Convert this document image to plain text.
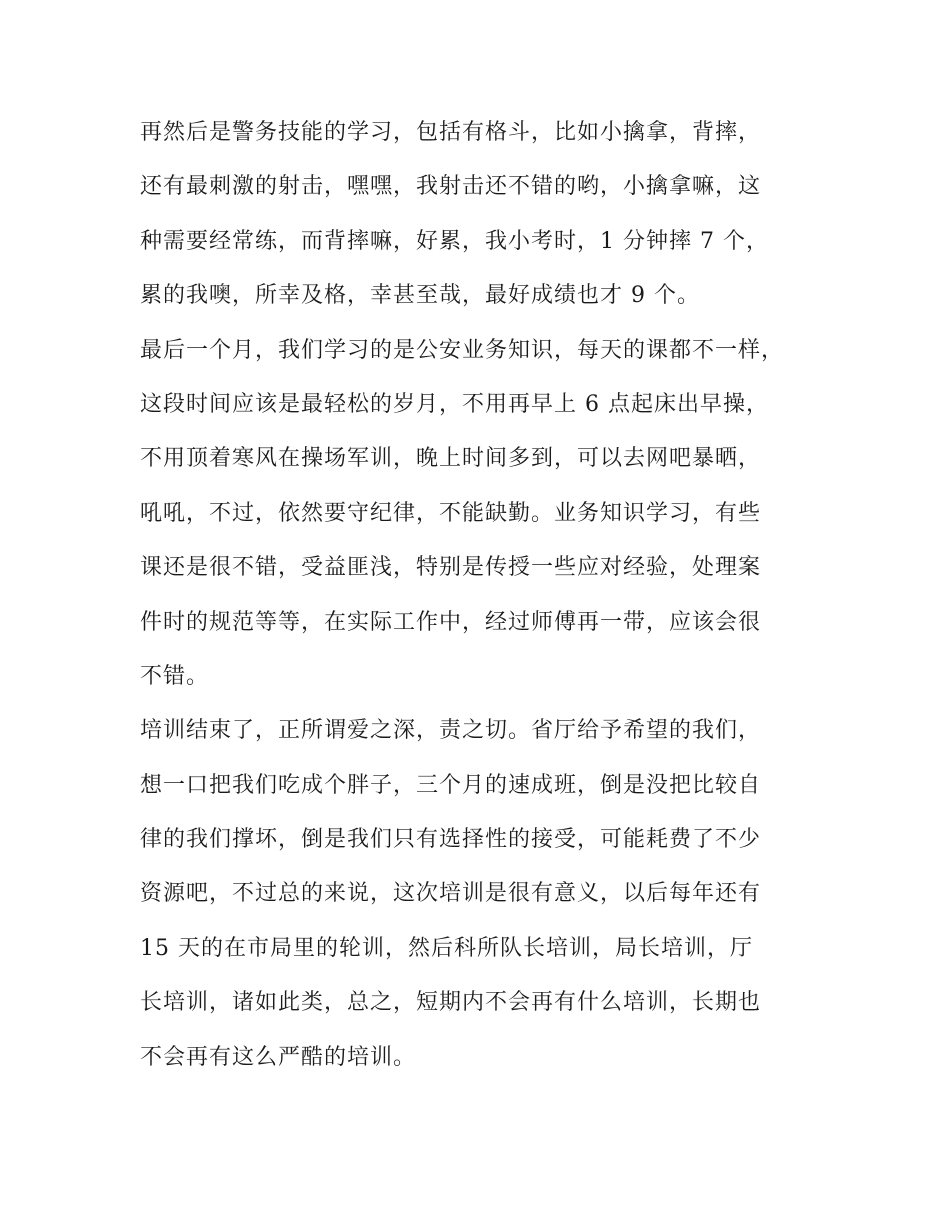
再然后是警务技能的学习，包括有格斗，比如小擒拿，背摔，
还有最刺激的射击，嘿嘿，我射击还不错的哟，小擒拿嘛，这
种需要经常练，而背摔嘛，好累，我小考时，1 分钟摔 7 个，
累的我噢，所幸及格，幸甚至哉，最好成绩也才 9 个。
最后一个月，我们学习的是公安业务知识，每天的课都不一样，
这段时间应该是最轻松的岁月，不用再早上 6 点起床出早操，
不用顶着寒风在操场军训，晚上时间多到，可以去网吧暴晒，
吼吼，不过，依然要守纪律，不能缺勤。业务知识学习，有些
课还是很不错，受益匪浅，特别是传授一些应对经验，处理案
件时的规范等等，在实际工作中，经过师傅再一带，应该会很
不错。
培训结束了，正所谓爱之深，责之切。省厅给予希望的我们，
想一口把我们吃成个胖子，三个月的速成班，倒是没把比较自
律的我们撑坏，倒是我们只有选择性的接受，可能耗费了不少
资源吧，不过总的来说，这次培训是很有意义，以后每年还有
15 天的在市局里的轮训，然后科所队长培训，局长培训，厅
长培训，诸如此类，总之，短期内不会再有什么培训，长期也
不会再有这么严酷的培训。
